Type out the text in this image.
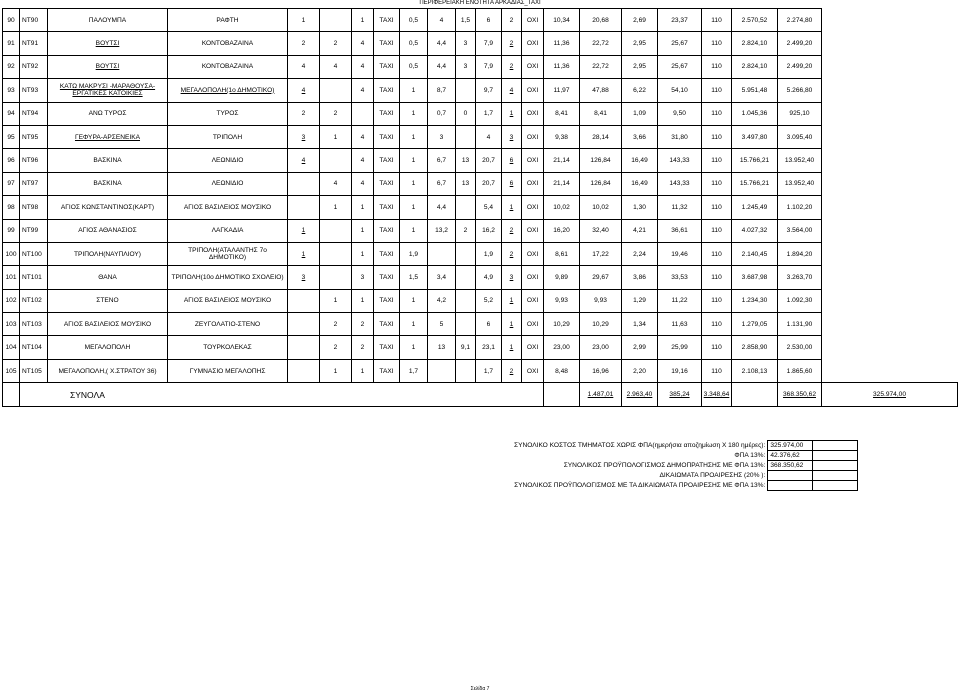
ΠΕΡΙΦΕΡΕΙΑΚΗ ΕΝΟΤΗΤΑ ΑΡΚΑΔΙΑΣ_ΤΑΧΙ
90	NT90	ΠΑΛΟΥΜΠΑ	ΡΑΦΤΗ	1		1	ΤΑΧΙ	0,5	4	1,5	6	2	ΟΧΙ	10,34	20,68	2,69	23,37	110	2.570,52	2.274,80	
91	NT91	ΒΟΥΤΣΙ	ΚΟΝΤΟΒΑΖΑΙΝΑ	2	2	4	ΤΑΧΙ	0,5	4,4	3	7,9	2	ΟΧΙ	11,36	22,72	2,95	25,67	110	2.824,10	2.499,20	
92	NT92	ΒΟΥΤΣΙ	ΚΟΝΤΟΒΑΖΑΙΝΑ	4	4	4	ΤΑΧΙ	0,5	4,4	3	7,9	2	ΟΧΙ	11,36	22,72	2,95	25,67	110	2.824,10	2.499,20	
93	NT93	ΚΑΤΩ ΜΑΚΡΥΣΙ -ΜΑΡΑΘΟΥΣΑ- ΕΡΓΑΤΙΚΕΣ ΚΑΤΟΙΚΙΕΣ	ΜΕΓΑΛΟΠΟΛΗ(1ο ΔΗΜΟΤΙΚΟ)	4		4	ΤΑΧΙ	1	8,7		9,7	4	ΟΧΙ	11,97	47,88	6,22	54,10	110	5.951,48	5.266,80	
94	NT94	ΑΝΩ ΤΥΡΟΣ	ΤΥΡΟΣ	2	2		ΤΑΧΙ	1	0,7	0	1,7	1	ΟΧΙ	8,41	8,41	1,09	9,50	110	1.045,36	925,10	
95	NT95	ΓΕΦΥΡΑ-ΑΡΣΕΝΕΙΚΑ	ΤΡΙΠΟΛΗ	3	1	4	ΤΑΧΙ	1	3		4	3	ΟΧΙ	9,38	28,14	3,66	31,80	110	3.497,80	3.095,40	
96	NT96	ΒΑΣΚΙΝΑ	ΛΕΩΝΙΔΙΟ	4		4	ΤΑΧΙ	1	6,7	13	20,7	6	ΟΧΙ	21,14	126,84	16,49	143,33	110	15.766,21	13.952,40	
97	NT97	ΒΑΣΚΙΝΑ	ΛΕΩΝΙΔΙΟ		4	4	ΤΑΧΙ	1	6,7	13	20,7	6	ΟΧΙ	21,14	126,84	16,49	143,33	110	15.766,21	13.952,40	
98	NT98	ΑΓΙΟΣ ΚΩΝΣΤΑΝΤΙΝΟΣ(ΚΑΡΤ)	ΑΓΙΟΣ ΒΑΣΙΛΕΙΟΣ ΜΟΥΣΙΚΟ		1	1	ΤΑΧΙ	1	4,4		5,4	1	ΟΧΙ	10,02	10,02	1,30	11,32	110	1.245,49	1.102,20	
99	NT99	ΑΓΙΟΣ ΑΘΑΝΑΣΙΟΣ	ΛΑΓΚΑΔΙΑ	1		1	ΤΑΧΙ	1	13,2	2	16,2	2	ΟΧΙ	16,20	32,40	4,21	36,61	110	4.027,32	3.564,00	
100	NT100	ΤΡΙΠΟΛΗ(ΝΑΥΠΛΙΟΥ)	ΤΡΙΠΟΛΗ(ΑΤΑΛΑΝΤΗΣ 7ο ΔΗΜΟΤΙΚΟ)	1		1	ΤΑΧΙ	1,9			1,9	2	ΟΧΙ	8,61	17,22	2,24	19,46	110	2.140,45	1.894,20	
101	NT101	ΘΑΝΑ	ΤΡΙΠΟΛΗ(10ο ΔΗΜΟΤΙΚΟ ΣΧΟΛΕΙΟ)	3		3	ΤΑΧΙ	1,5	3,4		4,9	3	ΟΧΙ	9,89	29,67	3,86	33,53	110	3.687,98	3.263,70	
102	NT102	ΣΤΕΝΟ	ΑΓΙΟΣ ΒΑΣΙΛΕΙΟΣ ΜΟΥΣΙΚΟ		1	1	ΤΑΧΙ	1	4,2		5,2	1	ΟΧΙ	9,93	9,93	1,29	11,22	110	1.234,30	1.092,30	
103	NT103	ΑΓΙΟΣ ΒΑΣΙΛΕΙΟΣ ΜΟΥΣΙΚΟ	ΖΕΥΓΟΛΑΤΙΟ-ΣΤΕΝΟ		2	2	ΤΑΧΙ	1	5		6	1	ΟΧΙ	10,29	10,29	1,34	11,63	110	1.279,05	1.131,90	
104	NT104	ΜΕΓΑΛΟΠΟΛΗ	ΤΟΥΡΚΟΛΕΚΑΣ		2	2	ΤΑΧΙ	1	13	9,1	23,1	1	ΟΧΙ	23,00	23,00	2,99	25,99	110	2.858,90	2.530,00	
105	NT105	ΜΕΓΑΛΟΠΟΛΗ,( Χ.ΣΤΡΑΤΟΥ 36)	ΓΥΜΝΑΣΙΟ ΜΕΓΑΛΟΠΗΣ		1	1	ΤΑΧΙ	1,7			1,7	2	ΟΧΙ	8,48	16,96	2,20	19,16	110	2.108,13	1.865,60	
	ΣΥΝΟΛΑ														1.487,01	2.963,40	385,24	3.348,64		368.350,62	325.974,00
ΣΥΝΟΛΙΚΟ ΚΟΣΤΟΣ ΤΜΗΜΑΤΟΣ ΧΩΡΙΣ ΦΠΑ(ημερήσια αποζημίωση Χ 180 ημέρες):	325.974,00	
ΦΠΑ 13%:	42.376,62	
ΣΥΝΟΛΙΚΟΣ ΠΡΟΫΠΟΛΟΓΙΣΜΟΣ ΔΗΜΟΠΡΑΤΗΣΗΣ ΜΕ ΦΠΑ 13%:	368.350,62	
ΔΙΚΑΙΩΜΑΤΑ ΠΡΟΑΙΡΕΣΗΣ (20% ):		
ΣΥΝΟΛΙΚΟΣ ΠΡΟΫΠΟΛΟΓΙΣΜΟΣ ΜΕ ΤΑ ΔΙΚΑΙΩΜΑΤΑ ΠΡΟΑΙΡΕΣΗΣ ΜΕ ΦΠΑ 13%:		
Σελίδα 7
